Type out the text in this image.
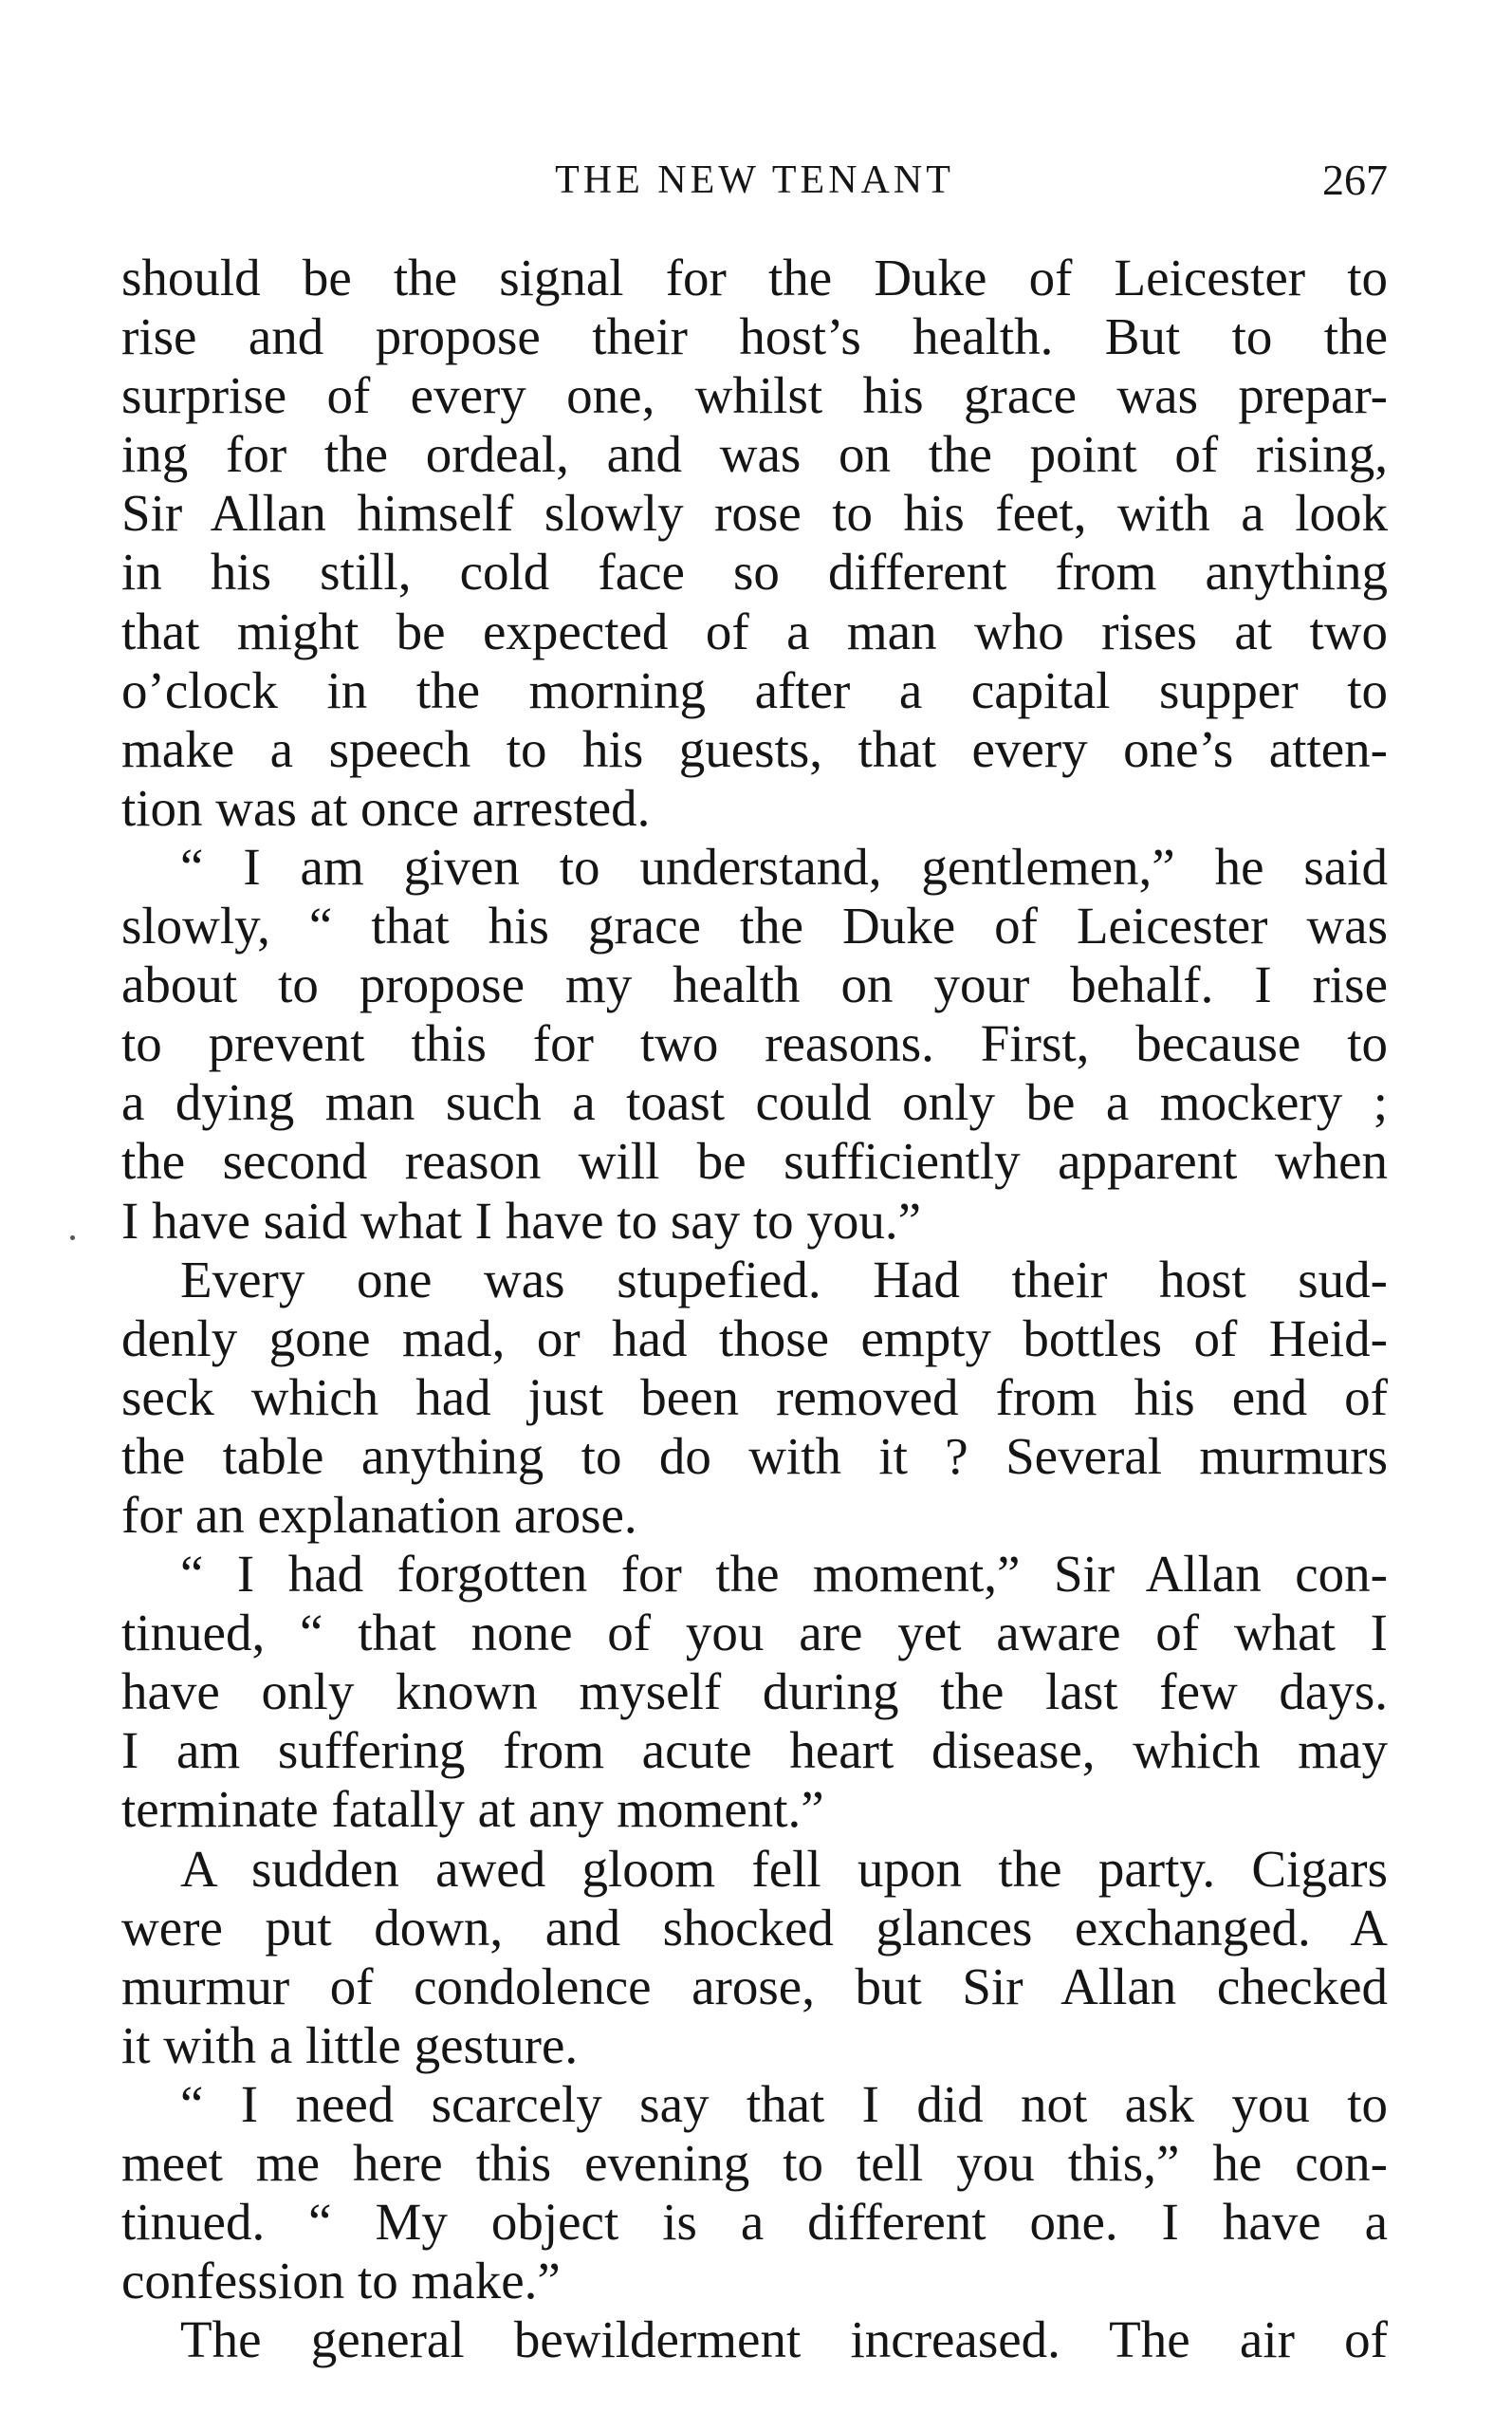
THE NEW TENANT	267
should be the signal for the Duke of Leicester to
rise and propose their host’s health. But to the
surprise of every one, whilst his grace was prepar-
ing for the ordeal, and was on the point of rising,
Sir Allan himself slowly rose to his feet, with a look
in his still, cold face so different from anything
that might be expected of a man who rises at two
o’clock in the morning after a capital supper to
make a speech to his guests, that every one’s atten-
tion was at once arrested.
“ I am given to understand, gentlemen,” he said
slowly, “ that his grace the Duke of Leicester was
about to propose my health on your behalf. I rise
to prevent this for two reasons. First, because to
a dying man such a toast could only be a mockery ;
the second reason will be sufficiently apparent when
I have said what I have to say to you.”
Every one was stupefied. Had their host sud-
denly gone mad, or had those empty bottles of Heid-
seck which had just been removed from his end of
the table anything to do with it ? Several murmurs
for an explanation arose.
“ I had forgotten for the moment,” Sir Allan con-
tinued, “ that none of you are yet aware of what I
have only known myself during the last few days.
I am suffering from acute heart disease, which may
terminate fatally at any moment.”
A sudden awed gloom fell upon the party. Cigars
were put down, and shocked glances exchanged. A
murmur of condolence arose, but Sir Allan checked
it with a little gesture.
“ I need scarcely say that I did not ask you to
meet me here this evening to tell you this,” he con-
tinued. “ My object is a different one. I have a
confession to make.”
The general bewilderment increased. The air of
